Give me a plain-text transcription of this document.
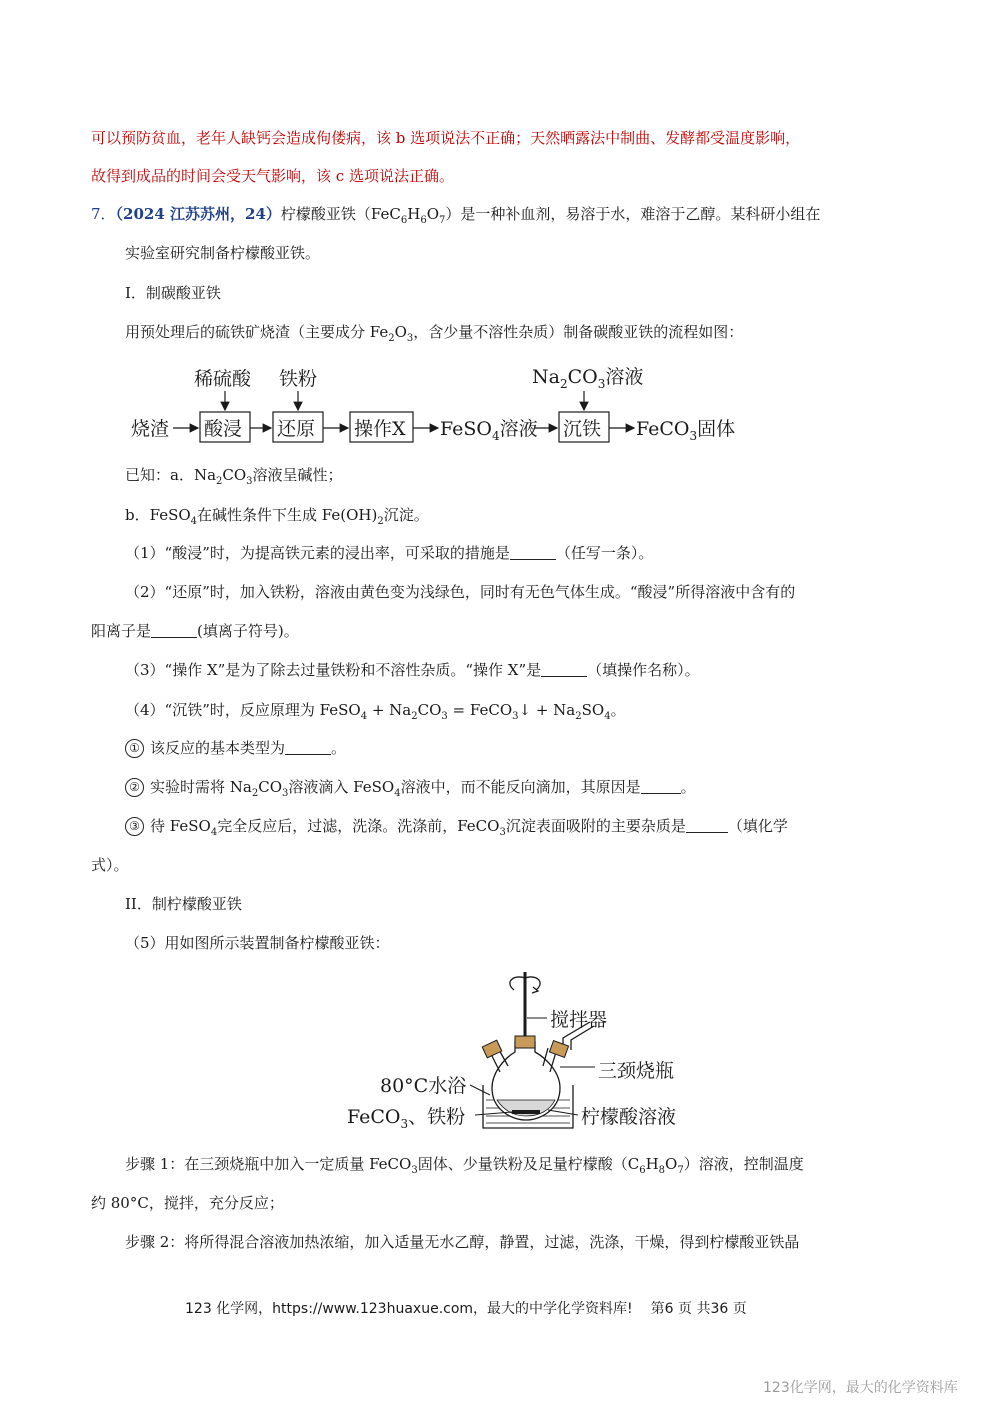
可以预防贫血，老年人缺钙会造成佝偻病，该 b 选项说法不正确；天然晒露法中制曲、发酵都受温度影响，
故得到成品的时间会受天气影响，该 c 选项说法正确。
7．（2024 江苏苏州，24）柠檬酸亚铁$(FeC_6H_6O_7)$是一种补血剂，易溶于水，难溶于乙醇。某科研小组在
实验室研究制备柠檬酸亚铁。
I．制碳酸亚铁
用预处理后的硫铁矿烧渣（主要成分 $Fe_2O_3$，含少量不溶性杂质）制备碳酸亚铁的流程如图：
烧渣
稀硫酸 铁粉	$Na_2CO_3$溶液
酸浸 还原 操作X FeSO$_4$溶液 沉铁 FeCO$_3$固体
已知：a．$Na_2CO_3$溶液呈碱性；
b．FeSO$_4$在碱性条件下生成 $Fe(OH)_2$沉淀。
（1）“酸浸”时，为提高铁元素的浸出率，可采取的措施是	（任写一条）。
（2）“还原”时，加入铁粉，溶液由黄色变为浅绿色，同时有无色气体生成。“酸浸”所得溶液中含有的
阳离子是	(填离子符号)。
（3）“操作 X”是为了除去过量铁粉和不溶性杂质。“操作 X”是	（填操作名称）。
（4）“沉铁”时，反应原理为 FeSO$_4$ + $Na_2CO_3$ = FeCO$_3$↓ + $Na_2SO_4$。
① 该反应的基本类型为	。
② 实验时需将 $Na_2CO_3$溶液滴入 FeSO$_4$溶液中，而不能反向滴加，其原因是	。
③ 待 FeSO$_4$完全反应后，过滤，洗涤。洗涤前，FeCO$_3$沉淀表面吸附的主要杂质是	（填化学
式）。
II．制柠檬酸亚铁
（5）用如图所示装置制备柠檬酸亚铁：
搅拌器
三颈烧瓶
80°C水浴
FeCO$_3$、铁粉	柠檬酸溶液
步骤 1：在三颈烧瓶中加入一定质量 FeCO$_3$固体、少量铁粉及足量柠檬酸$(C_6H_8O_7)$溶液，控制温度
约 80°C，搅拌，充分反应；
步骤 2：将所得混合溶液加热浓缩，加入适量无水乙醇，静置，过滤，洗涤，干燥，得到柠檬酸亚铁晶
123 化学网，https://www.123huaxue.com，最大的中学化学资料库! 第6 页 共36 页
123化学网，最大的化学资料库
